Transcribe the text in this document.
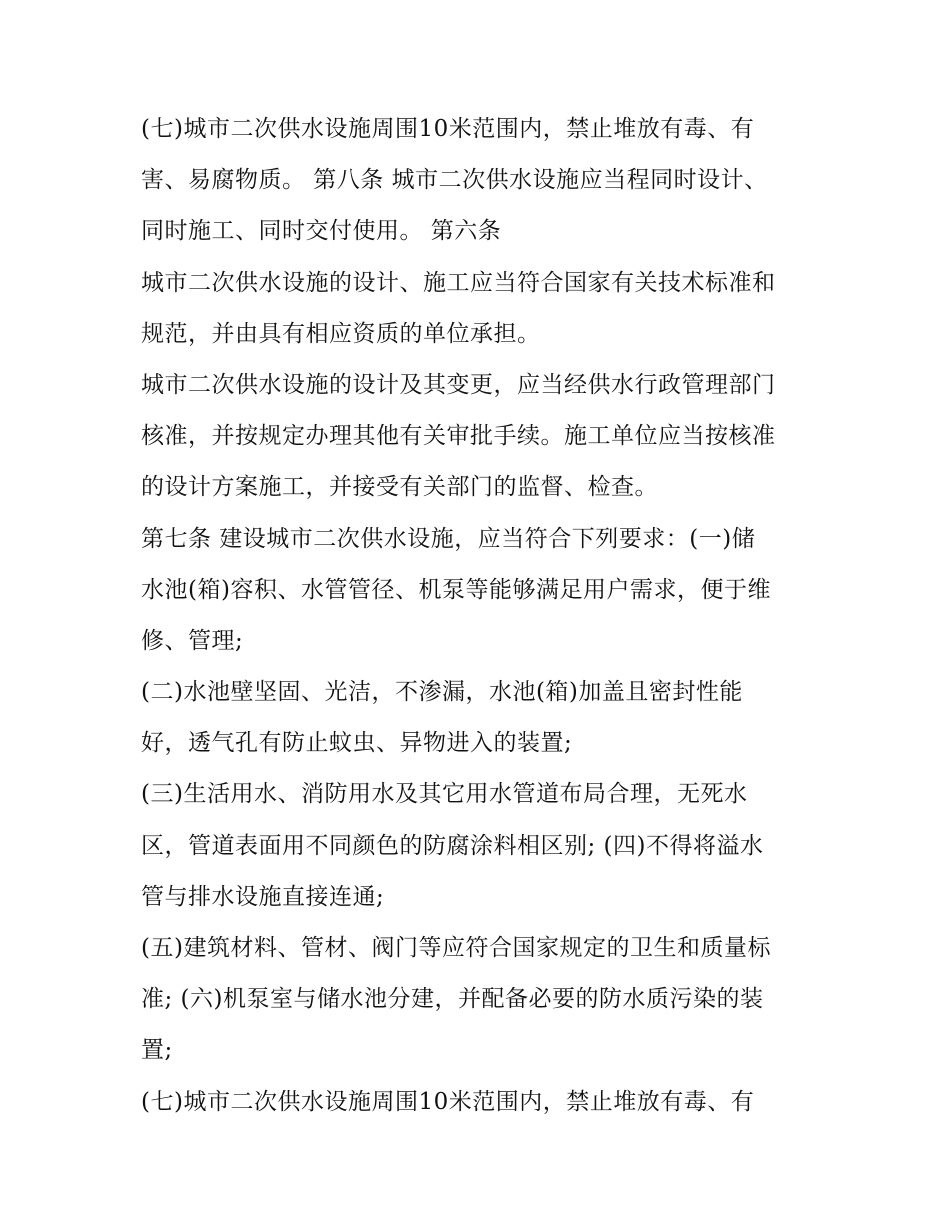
(七)城市二次供水设施周围10米范围内，禁止堆放有毒、有
害、易腐物质。 第八条 城市二次供水设施应当程同时设计、
同时施工、同时交付使用。 第六条
城市二次供水设施的设计、施工应当符合国家有关技术标准和
规范，并由具有相应资质的单位承担。
城市二次供水设施的设计及其变更，应当经供水行政管理部门
核准，并按规定办理其他有关审批手续。施工单位应当按核准
的设计方案施工，并接受有关部门的监督、检查。
第七条 建设城市二次供水设施，应当符合下列要求：(一)储
水池(箱)容积、水管管径、机泵等能够满足用户需求，便于维
修、管理;
(二)水池壁坚固、光洁，不渗漏，水池(箱)加盖且密封性能
好，透气孔有防止蚊虫、异物进入的装置;
(三)生活用水、消防用水及其它用水管道布局合理，无死水
区，管道表面用不同颜色的防腐涂料相区别; (四)不得将溢水
管与排水设施直接连通;
(五)建筑材料、管材、阀门等应符合国家规定的卫生和质量标
准; (六)机泵室与储水池分建，并配备必要的防水质污染的装
置;
(七)城市二次供水设施周围10米范围内，禁止堆放有毒、有
